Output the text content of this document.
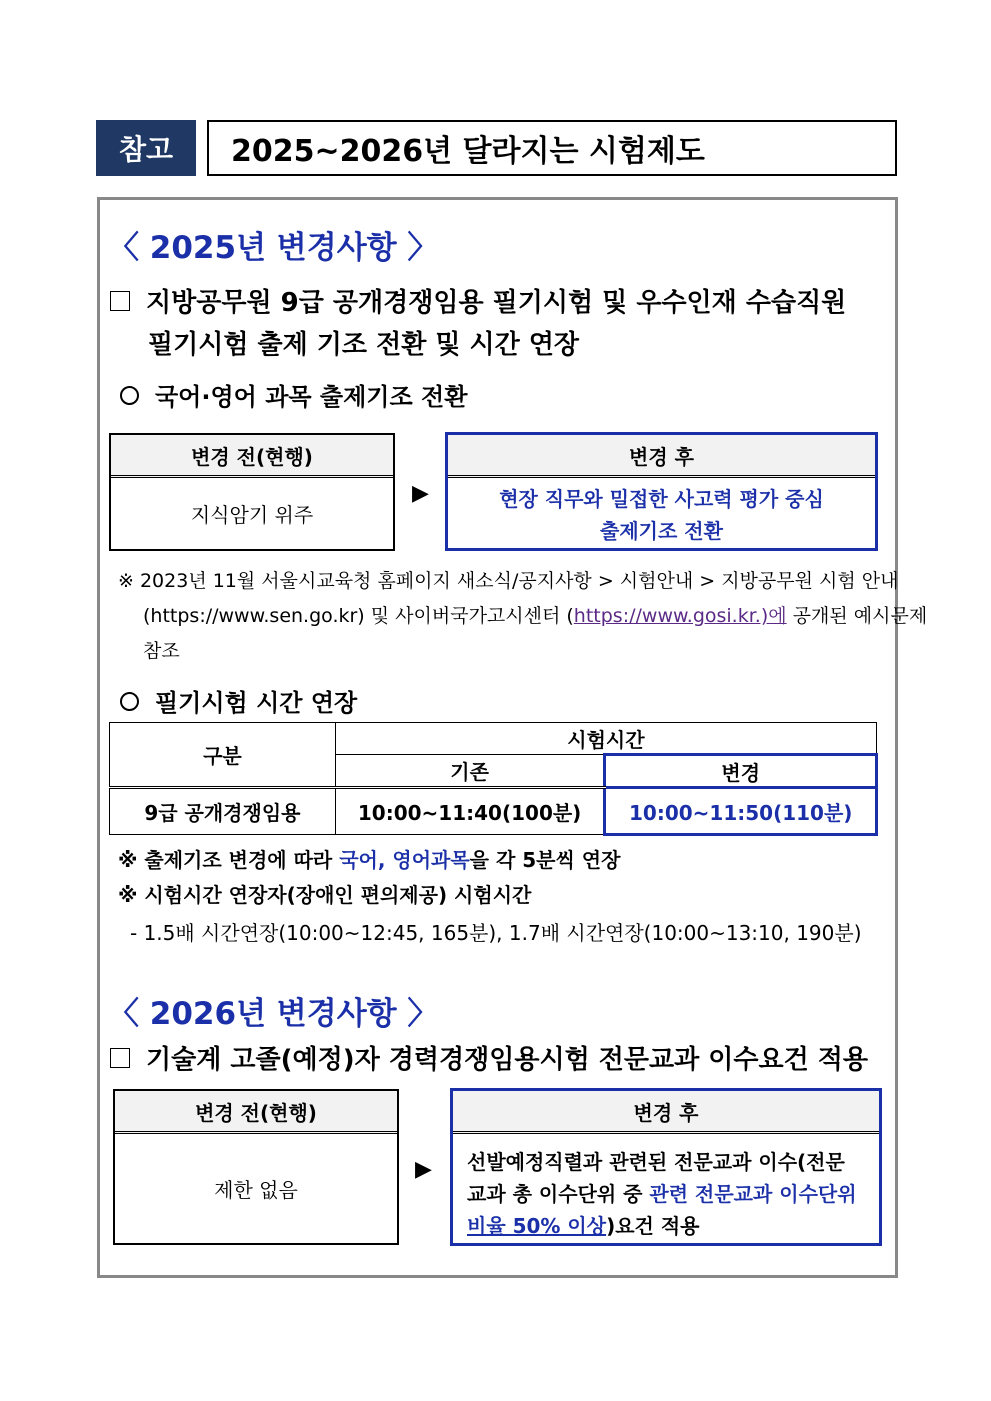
참고	2025~2026년 달라지는 시험제도
〈 2025년 변경사항 〉
지방공무원 9급 공개경쟁임용 필기시험 및 우수인재 수습직원
필기시험 출제 기조 전환 및 시간 연장
국어·영어 과목 출제기조 전환
변경 전(현행)
지식암기 위주
▶
변경 후
현장 직무와 밀접한 사고력 평가 중심
출제기조 전환
※ 2023년 11월 서울시교육청 홈페이지 새소식/공지사항 > 시험안내 > 지방공무원 시험 안내
(https://www.sen.go.kr) 및 사이버국가고시센터 (https://www.gosi.kr.)에 공개된 예시문제
참조
필기시험 시간 연장
구분	시험시간	
	기존	변경
9급 공개경쟁임용	10:00~11:40(100분)	10:00~11:50(110분)
※ 출제기조 변경에 따라 국어, 영어과목을 각 5분씩 연장
※ 시험시간 연장자(장애인 편의제공) 시험시간
- 1.5배 시간연장(10:00~12:45, 165분), 1.7배 시간연장(10:00~13:10, 190분)
〈 2026년 변경사항 〉
기술계 고졸(예정)자 경력경쟁임용시험 전문교과 이수요건 적용
변경 전(현행)
제한 없음
▶
변경 후
선발예정직렬과 관련된 전문교과 이수(전문
교과 총 이수단위 중 관련 전문교과 이수단위
비율 50% 이상)요건 적용
